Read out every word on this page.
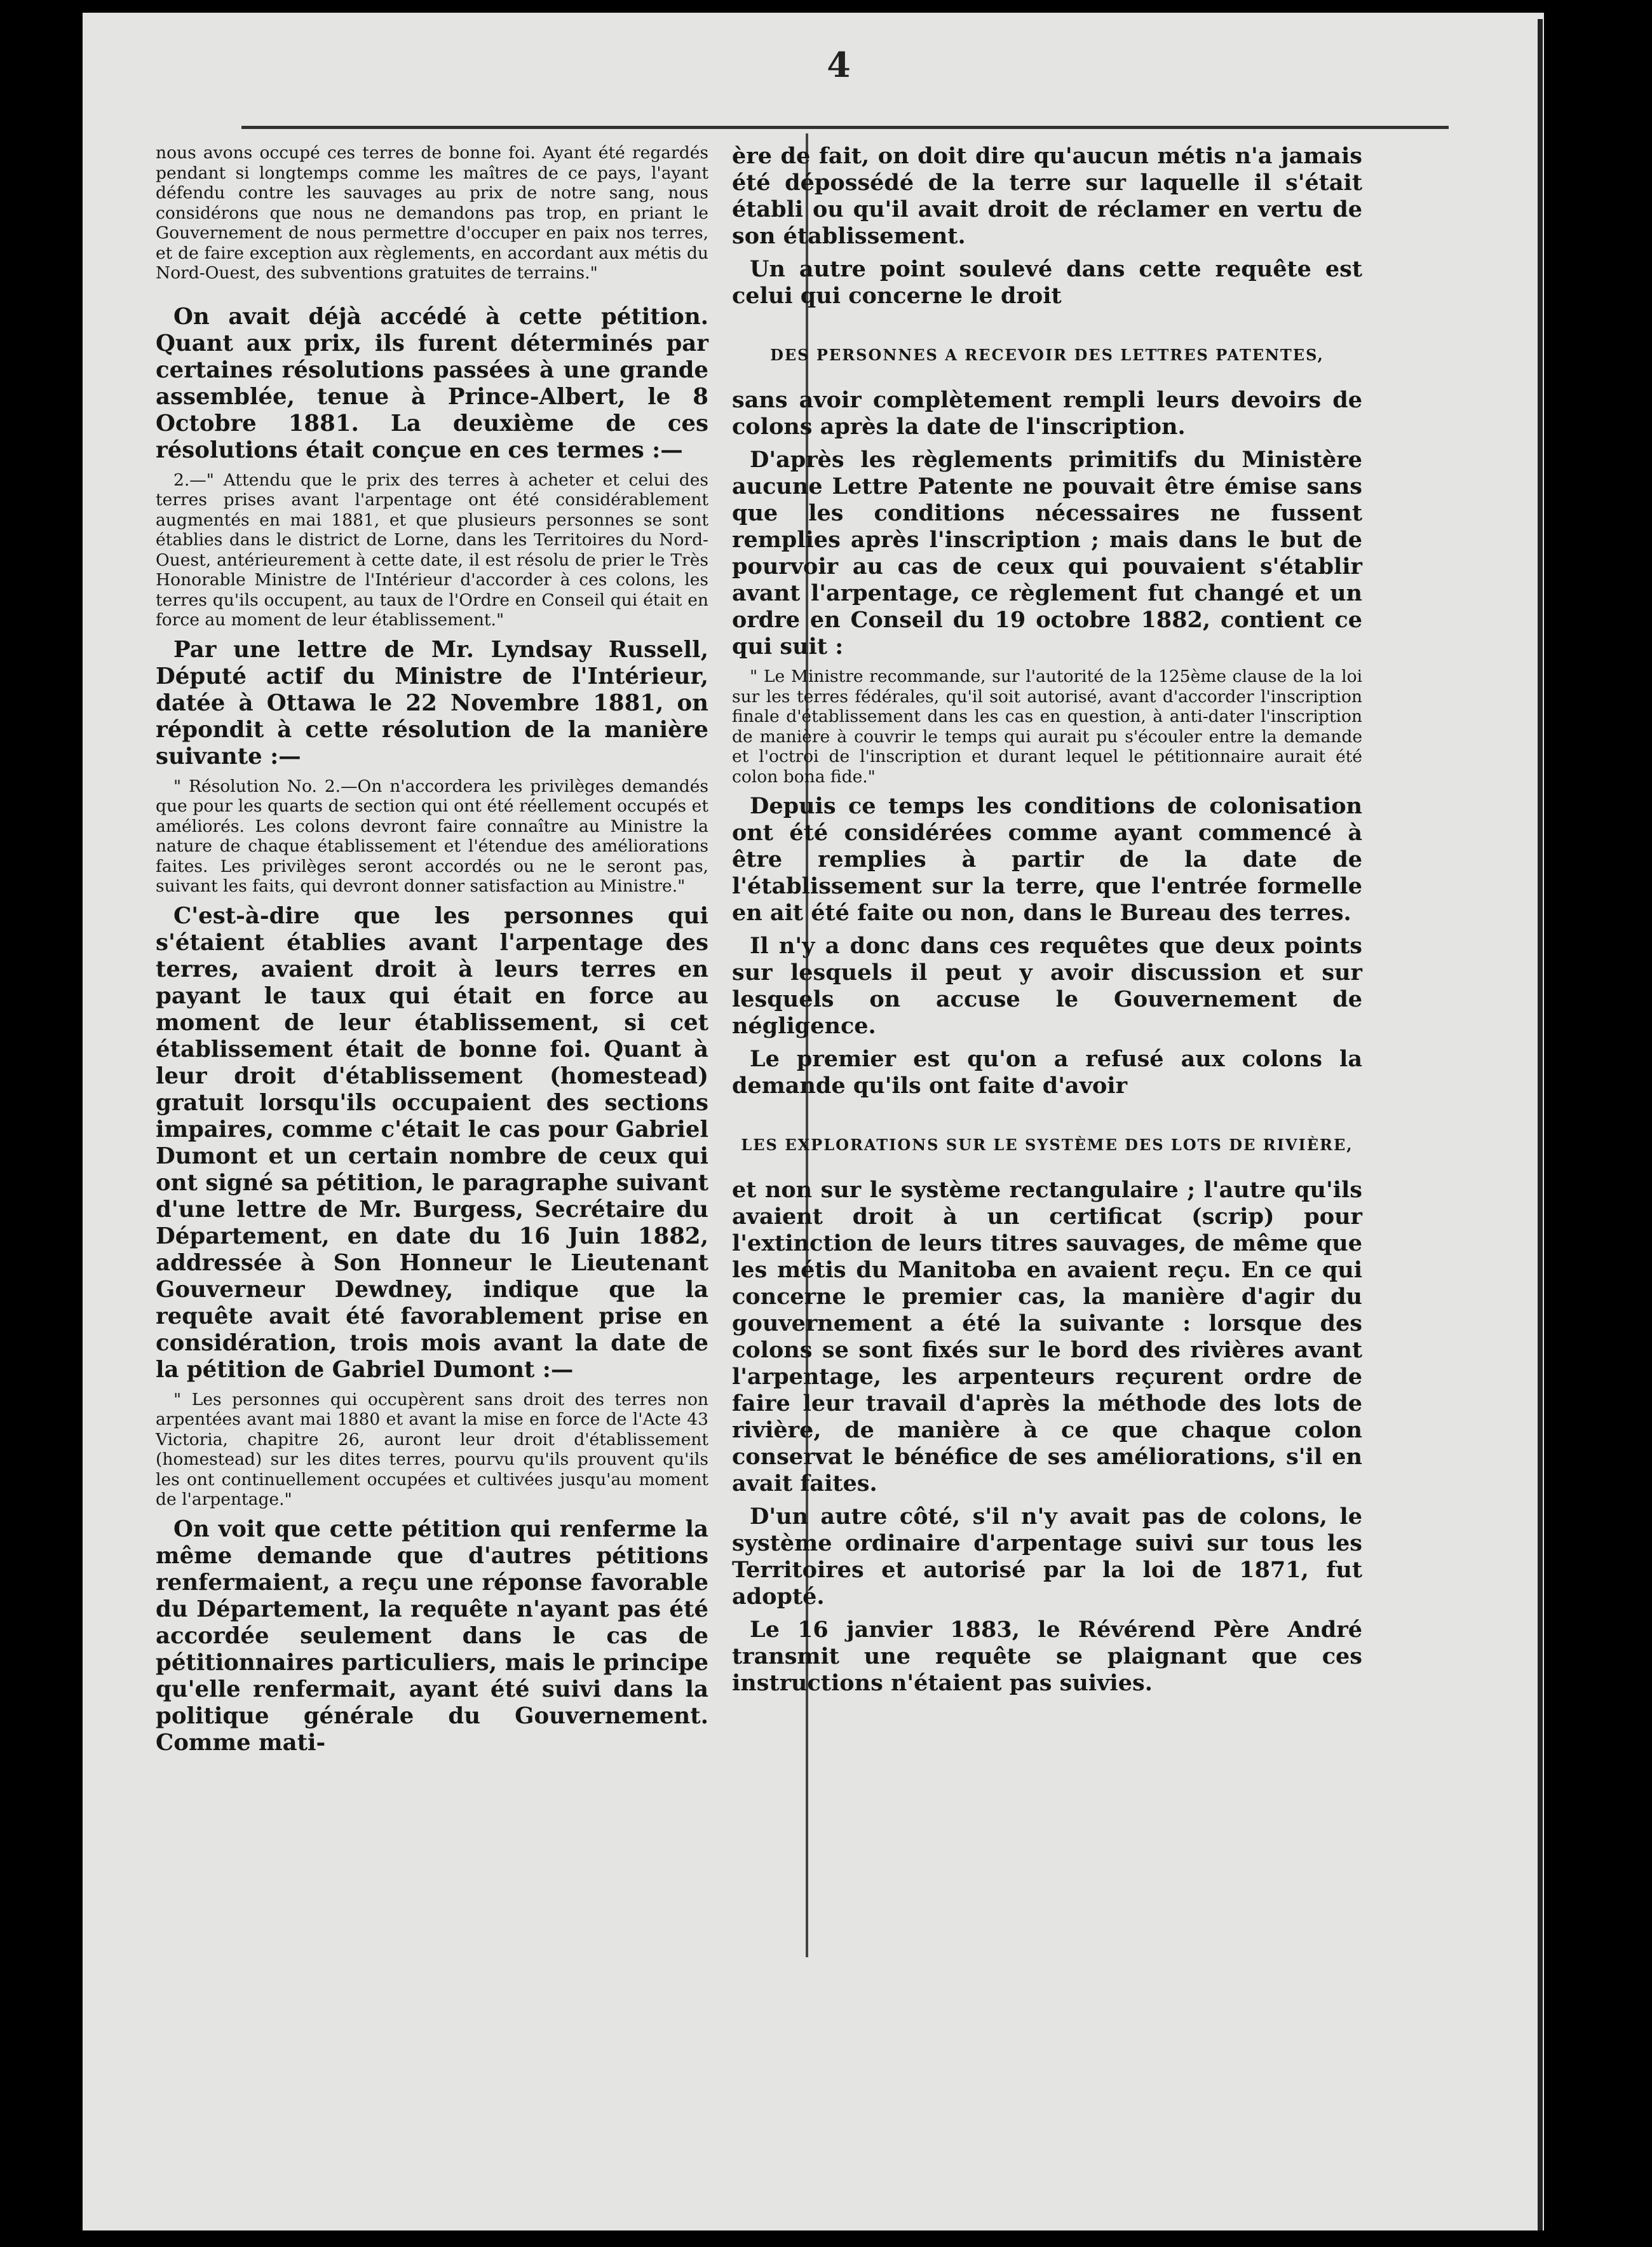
4

nous avons occupé ces terres de bonne foi. Ayant été regardés pendant si longtemps comme les maîtres de ce pays, l'ayant défendu contre les sauvages au prix de notre sang, nous considérons que nous ne demandons pas trop, en priant le Gouvernement de nous permettre d'occuper en paix nos terres, et de faire exception aux règlements, en accordant aux métis du Nord-Ouest, des subventions gratuites de terrains."

On avait déjà accédé à cette pétition. Quant aux prix, ils furent déterminés par certaines résolutions passées à une grande assemblée, tenue à Prince-Albert, le 8 Octobre 1881. La deuxième de ces résolutions était conçue en ces termes :—

2.—" Attendu que le prix des terres à acheter et celui des terres prises avant l'arpentage ont été considérablement augmentés en mai 1881, et que plusieurs personnes se sont établies dans le district de Lorne, dans les Territoires du Nord-Ouest, antérieurement à cette date, il est résolu de prier le Très Honorable Ministre de l'Intérieur d'accorder à ces colons, les terres qu'ils occupent, au taux de l'Ordre en Conseil qui était en force au moment de leur établissement."

Par une lettre de Mr. Lyndsay Russell, Député actif du Ministre de l'Intérieur, datée à Ottawa le 22 Novembre 1881, on répondit à cette résolution de la manière suivante :—

" Résolution No. 2.—On n'accordera les privilèges demandés que pour les quarts de section qui ont été réellement occupés et améliorés. Les colons devront faire connaître au Ministre la nature de chaque établissement et l'étendue des améliorations faites. Les privilèges seront accordés ou ne le seront pas, suivant les faits, qui devront donner satisfaction au Ministre."

C'est-à-dire que les personnes qui s'étaient établies avant l'arpentage des terres, avaient droit à leurs terres en payant le taux qui était en force au moment de leur établissement, si cet établissement était de bonne foi. Quant à leur droit d'établissement (homestead) gratuit lorsqu'ils occupaient des sections impaires, comme c'était le cas pour Gabriel Dumont et un certain nombre de ceux qui ont signé sa pétition, le paragraphe suivant d'une lettre de Mr. Burgess, Secrétaire du Département, en date du 16 Juin 1882, addressée à Son Honneur le Lieutenant Gouverneur Dewdney, indique que la requête avait été favorablement prise en considération, trois mois avant la date de la pétition de Gabriel Dumont :—

" Les personnes qui occupèrent sans droit des terres non arpentées avant mai 1880 et avant la mise en force de l'Acte 43 Victoria, chapitre 26, auront leur droit d'établissement (homestead) sur les dites terres, pourvu qu'ils prouvent qu'ils les ont continuellement occupées et cultivées jusqu'au moment de l'arpentage."

On voit que cette pétition qui renferme la même demande que d'autres pétitions renfermaient, a reçu une réponse favorable du Département, la requête n'ayant pas été accordée seulement dans le cas de pétitionnaires particuliers, mais le principe qu'elle renfermait, ayant été suivi dans la politique générale du Gouvernement. Comme mati-

ère de fait, on doit dire qu'aucun métis n'a jamais été dépossédé de la terre sur laquelle il s'était établi ou qu'il avait droit de réclamer en vertu de son établissement.

Un autre point soulevé dans cette requête est celui qui concerne le droit

DES PERSONNES A RECEVOIR DES LETTRES PATENTES,

sans avoir complètement rempli leurs devoirs de colons après la date de l'inscription.

D'après les règlements primitifs du Ministère aucune Lettre Patente ne pouvait être émise sans que les conditions nécessaires ne fussent remplies après l'inscription ; mais dans le but de pourvoir au cas de ceux qui pouvaient s'établir avant l'arpentage, ce règlement fut changé et un ordre en Conseil du 19 octobre 1882, contient ce qui suit :

" Le Ministre recommande, sur l'autorité de la 125ème clause de la loi sur les terres fédérales, qu'il soit autorisé, avant d'accorder l'inscription finale d'établissement dans les cas en question, à anti-dater l'inscription de manière à couvrir le temps qui aurait pu s'écouler entre la demande et l'octroi de l'inscription et durant lequel le pétitionnaire aurait été colon bona fide."

Depuis ce temps les conditions de colonisation ont été considérées comme ayant commencé à être remplies à partir de la date de l'établissement sur la terre, que l'entrée formelle en ait été faite ou non, dans le Bureau des terres.

Il n'y a donc dans ces requêtes que deux points sur lesquels il peut y avoir discussion et sur lesquels on accuse le Gouvernement de négligence.

Le premier est qu'on a refusé aux colons la demande qu'ils ont faite d'avoir

LES EXPLORATIONS SUR LE SYSTÈME DES LOTS DE RIVIÈRE,

et non sur le système rectangulaire ; l'autre qu'ils avaient droit à un certificat (scrip) pour l'extinction de leurs titres sauvages, de même que les métis du Manitoba en avaient reçu. En ce qui concerne le premier cas, la manière d'agir du gouvernement a été la suivante : lorsque des colons se sont fixés sur le bord des rivières avant l'arpentage, les arpenteurs reçurent ordre de faire leur travail d'après la méthode des lots de rivière, de manière à ce que chaque colon conservat le bénéfice de ses améliorations, s'il en avait faites.

D'un autre côté, s'il n'y avait pas de colons, le système ordinaire d'arpentage suivi sur tous les Territoires et autorisé par la loi de 1871, fut adopté.

Le 16 janvier 1883, le Révérend Père André transmit une requête se plaignant que ces instructions n'étaient pas suivies.
